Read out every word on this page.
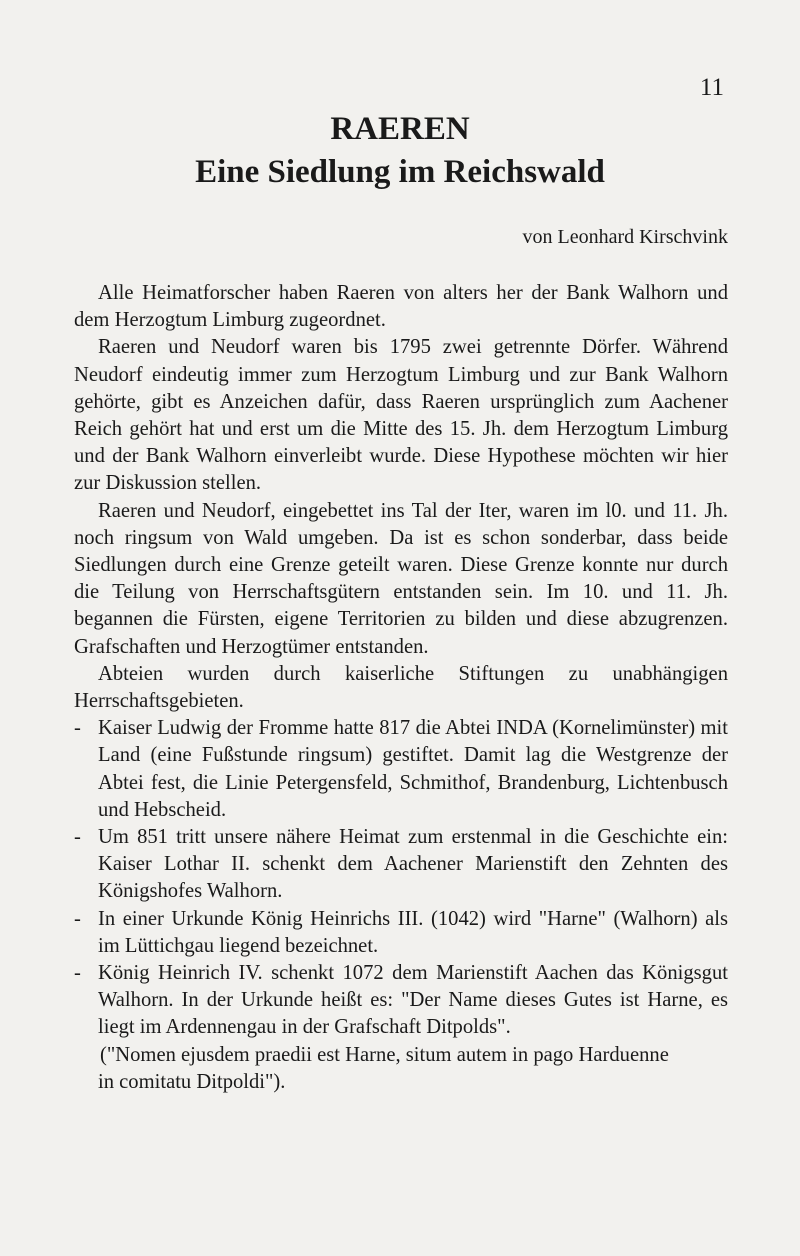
11
RAEREN
Eine Siedlung im Reichswald
von Leonhard Kirschvink

Alle Heimatforscher haben Raeren von alters her der Bank Walhorn und dem Herzogtum Limburg zugeordnet.

Raeren und Neudorf waren bis 1795 zwei getrennte Dörfer. Während Neudorf eindeutig immer zum Herzogtum Limburg und zur Bank Walhorn gehörte, gibt es Anzeichen dafür, dass Raeren ursprünglich zum Aachener Reich gehört hat und erst um die Mitte des 15. Jh. dem Herzogtum Limburg und der Bank Walhorn einverleibt wurde. Diese Hypothese möchten wir hier zur Diskussion stellen.

Raeren und Neudorf, eingebettet ins Tal der Iter, waren im l0. und 11. Jh. noch ringsum von Wald umgeben. Da ist es schon sonderbar, dass beide Siedlungen durch eine Grenze geteilt waren. Diese Grenze konnte nur durch die Teilung von Herrschaftsgütern entstanden sein. Im 10. und 11. Jh. begannen die Fürsten, eigene Territorien zu bilden und diese abzugrenzen. Grafschaften und Herzogtümer entstanden.

Abteien wurden durch kaiserliche Stiftungen zu unabhängigen Herrschaftsgebieten.

- Kaiser Ludwig der Fromme hatte 817 die Abtei INDA (Kornelimünster) mit Land (eine Fußstunde ringsum) gestiftet. Damit lag die Westgrenze der Abtei fest, die Linie Petergensfeld, Schmithof, Brandenburg, Lichtenbusch und Hebscheid.
- Um 851 tritt unsere nähere Heimat zum erstenmal in die Geschichte ein: Kaiser Lothar II. schenkt dem Aachener Marienstift den Zehnten des Königshofes Walhorn.
- In einer Urkunde König Heinrichs III. (1042) wird "Harne" (Walhorn) als im Lüttichgau liegend bezeichnet.
- König Heinrich IV. schenkt 1072 dem Marienstift Aachen das Königsgut Walhorn. In der Urkunde heißt es: "Der Name dieses Gutes ist Harne, es liegt im Ardennengau in der Grafschaft Ditpolds".
("Nomen ejusdem praedii est Harne, situm autem in pago Harduenne
in comitatu Ditpoldi").
